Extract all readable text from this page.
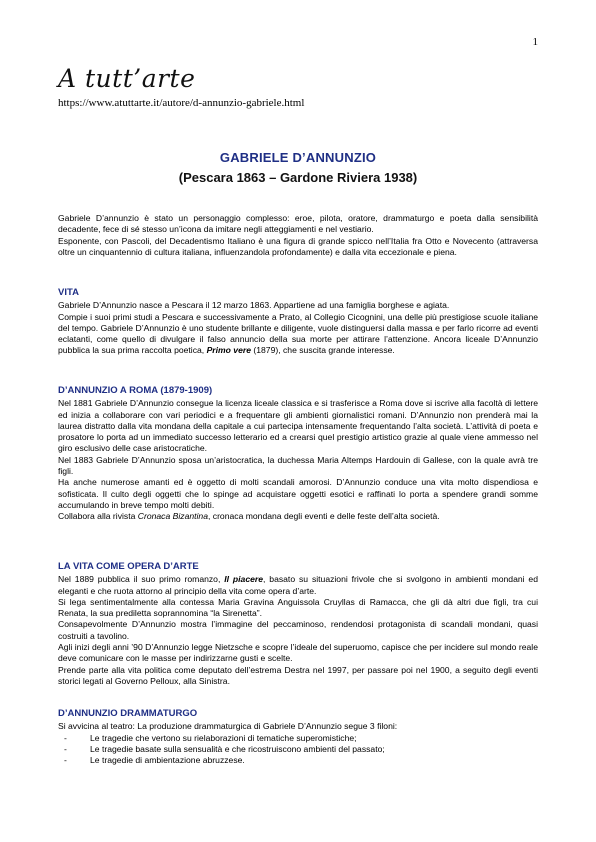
1
A tutt’arte
https://www.atuttarte.it/autore/d-annunzio-gabriele.html
GABRIELE D’ANNUNZIO
(Pescara 1863 – Gardone Riviera 1938)

Gabriele D’annunzio è stato un personaggio complesso: eroe, pilota, oratore, drammaturgo e poeta dalla sensibilità decadente, fece di sé stesso un’icona da imitare negli atteggiamenti e nel vestiario.

Esponente, con Pascoli, del Decadentismo Italiano è una figura di grande spicco nell’Italia fra Otto e Novecento (attraversa oltre un cinquantennio di cultura italiana, influenzandola profondamente) e dalla vita eccezionale e piena.

VITA

Gabriele D’Annunzio nasce a Pescara il 12 marzo 1863. Appartiene ad una famiglia borghese e agiata.

Compie i suoi primi studi a Pescara e successivamente a Prato, al Collegio Cicognini, una delle più prestigiose scuole italiane del tempo. Gabriele D’Annunzio è uno studente brillante e diligente, vuole distinguersi dalla massa e per farlo ricorre ad eventi eclatanti, come quello di divulgare il falso annuncio della sua morte per attirare l’attenzione. Ancora liceale D’Annunzio pubblica la sua prima raccolta poetica, Primo vere (1879), che suscita grande interesse.

D’ANNUNZIO A ROMA (1879-1909)

Nel 1881 Gabriele D’Annunzio consegue la licenza liceale classica e si trasferisce a Roma dove si iscrive alla facoltà di lettere ed inizia a collaborare con vari periodici e a frequentare gli ambienti giornalistici romani. D’Annunzio non prenderà mai la laurea distratto dalla vita mondana della capitale a cui partecipa intensamente frequentando l’alta società. L’attività di poeta e prosatore lo porta ad un immediato successo letterario ed a crearsi quel prestigio artistico grazie al quale viene ammesso nel giro esclusivo delle case aristocratiche.

Nel 1883 Gabriele D’Annunzio sposa un’aristocratica, la duchessa Maria Altemps Hardouin di Gallese, con la quale avrà tre figli.

Ha anche numerose amanti ed è oggetto di molti scandali amorosi. D’Annunzio conduce una vita molto dispendiosa e sofisticata. Il culto degli oggetti che lo spinge ad acquistare oggetti esotici e raffinati lo porta a spendere grandi somme accumulando in breve tempo molti debiti.

Collabora alla rivista Cronaca Bizantina, cronaca mondana degli eventi e delle feste dell’alta società.

LA VITA COME OPERA D’ARTE

Nel 1889 pubblica il suo primo romanzo, Il piacere, basato su situazioni frivole che si svolgono in ambienti mondani ed eleganti e che ruota attorno al principio della vita come opera d’arte.

Si lega sentimentalmente alla contessa Maria Gravina Anguissola Cruyllas di Ramacca, che gli dà altri due figli, tra cui Renata, la sua prediletta soprannomina “la Sirenetta”.

Consapevolmente D’Annunzio mostra l’immagine del peccaminoso, rendendosi protagonista di scandali mondani, quasi costruiti a tavolino.

Agli inizi degli anni ’90 D’Annunzio legge Nietzsche e scopre l’ideale del superuomo, capisce che per incidere sul mondo reale deve comunicare con le masse per indirizzarne gusti e scelte.

Prende parte alla vita politica come deputato dell’estrema Destra nel 1997, per passare poi nel 1900, a seguito degli eventi storici legati al Governo Pelloux, alla Sinistra.

D’ANNUNZIO DRAMMATURGO

Si avvicina al teatro: La produzione drammaturgica di Gabriele D’Annunzio segue 3 filoni:

- Le tragedie che vertono su rielaborazioni di tematiche superomistiche;
- Le tragedie basate sulla sensualità e che ricostruiscono ambienti del passato;
- Le tragedie di ambientazione abruzzese.
